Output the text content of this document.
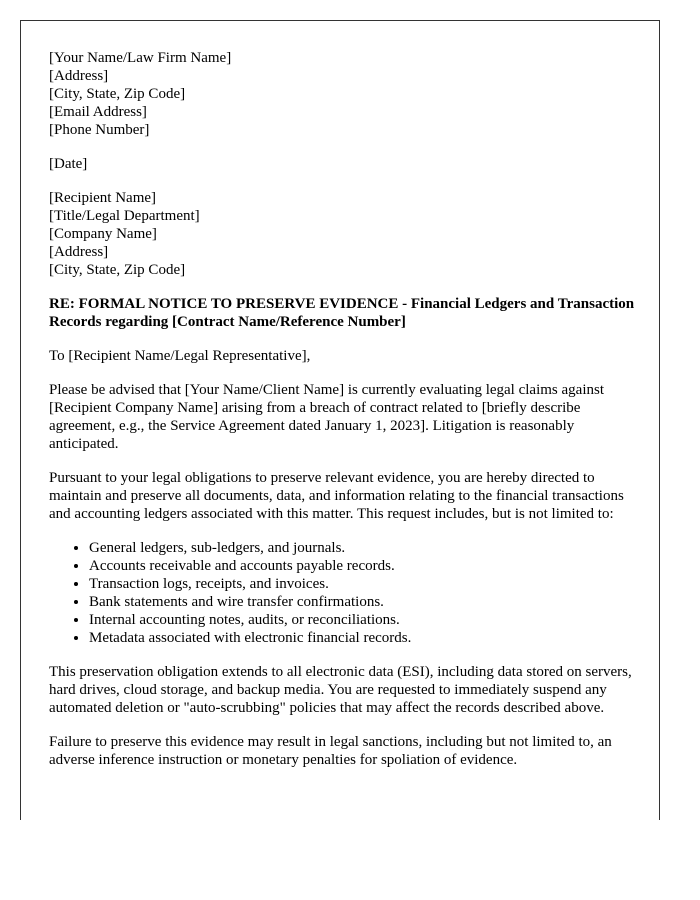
[Your Name/Law Firm Name]
[Address]
[City, State, Zip Code]
[Email Address]
[Phone Number]
[Date]
[Recipient Name]
[Title/Legal Department]
[Company Name]
[Address]
[City, State, Zip Code]
RE: FORMAL NOTICE TO PRESERVE EVIDENCE - Financial Ledgers and Transaction Records regarding [Contract Name/Reference Number]

To [Recipient Name/Legal Representative],

Please be advised that [Your Name/Client Name] is currently evaluating legal claims against [Recipient Company Name] arising from a breach of contract related to [briefly describe agreement, e.g., the Service Agreement dated January 1, 2023]. Litigation is reasonably anticipated.

Pursuant to your legal obligations to preserve relevant evidence, you are hereby directed to maintain and preserve all documents, data, and information relating to the financial transactions and accounting ledgers associated with this matter. This request includes, but is not limited to:

• General ledgers, sub-ledgers, and journals.
• Accounts receivable and accounts payable records.
• Transaction logs, receipts, and invoices.
• Bank statements and wire transfer confirmations.
• Internal accounting notes, audits, or reconciliations.
• Metadata associated with electronic financial records.

This preservation obligation extends to all electronic data (ESI), including data stored on servers, hard drives, cloud storage, and backup media. You are requested to immediately suspend any automated deletion or "auto-scrubbing" policies that may affect the records described above.

Failure to preserve this evidence may result in legal sanctions, including but not limited to, an adverse inference instruction or monetary penalties for spoliation of evidence.
